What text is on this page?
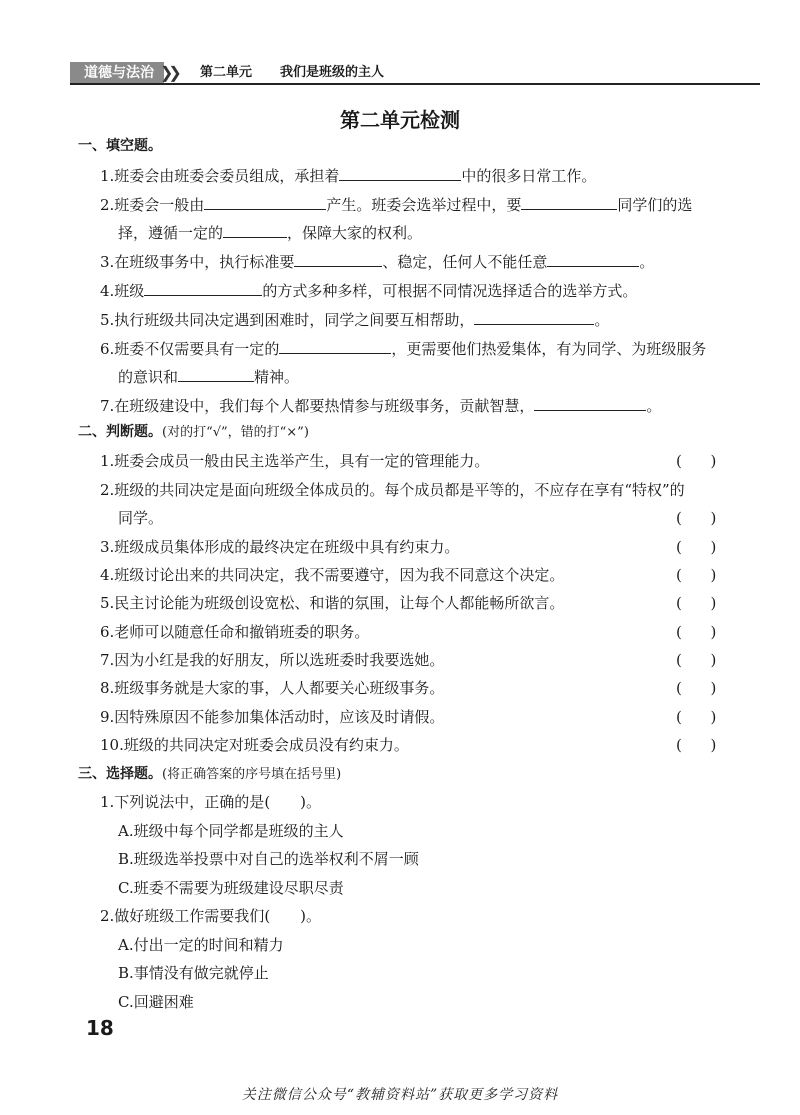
道德与法治 ❯❯ 第二单元 我们是班级的主人
第二单元检测
一、填空题。
1.班委会由班委会委员组成，承担着	中的很多日常工作。
2.班委会一般由	产生。班委会选举过程中，要	同学们的选
择，遵循一定的	，保障大家的权利。
3.在班级事务中，执行标准要	、稳定，任何人不能任意	。
4.班级	的方式多种多样，可根据不同情况选择适合的选举方式。
5.执行班级共同决定遇到困难时，同学之间要互相帮助，	。
6.班委不仅需要具有一定的	，更需要他们热爱集体，有为同学、为班级服务
的意识和	精神。
7.在班级建设中，我们每个人都要热情参与班级事务，贡献智慧，	。
二、判断题。(对的打“√”，错的打“×”)
1.班委会成员一般由民主选举产生，具有一定的管理能力。	(      )
2.班级的共同决定是面向班级全体成员的。每个成员都是平等的，不应存在享有“特权”的
同学。	(      )
3.班级成员集体形成的最终决定在班级中具有约束力。	(      )
4.班级讨论出来的共同决定，我不需要遵守，因为我不同意这个决定。	(      )
5.民主讨论能为班级创设宽松、和谐的氛围，让每个人都能畅所欲言。	(      )
6.老师可以随意任命和撤销班委的职务。	(      )
7.因为小红是我的好朋友，所以选班委时我要选她。	(      )
8.班级事务就是大家的事，人人都要关心班级事务。	(      )
9.因特殊原因不能参加集体活动时，应该及时请假。	(      )
10.班级的共同决定对班委会成员没有约束力。	(      )
三、选择题。(将正确答案的序号填在括号里)
1.下列说法中，正确的是(　　)。
A.班级中每个同学都是班级的主人
B.班级选举投票中对自己的选举权利不屑一顾
C.班委不需要为班级建设尽职尽责
2.做好班级工作需要我们(　　)。
A.付出一定的时间和精力
B.事情没有做完就停止
C.回避困难
18
关注微信公众号“教辅资料站”获取更多学习资料
